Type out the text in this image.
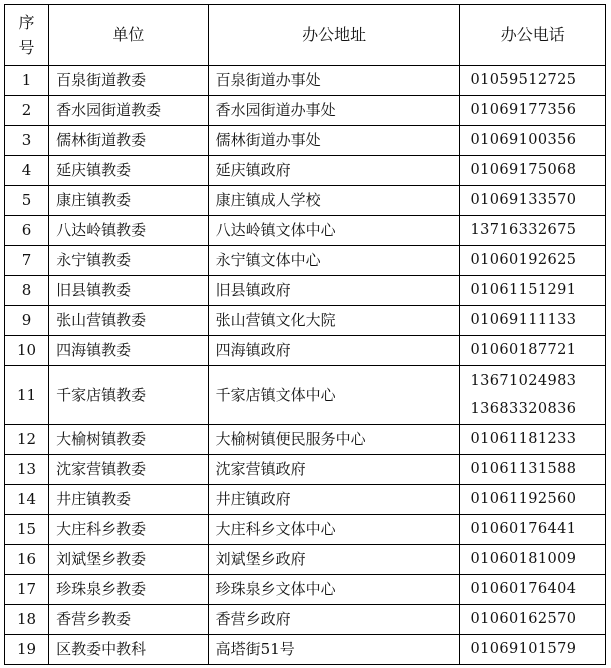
序号	单位	办公地址	办公电话
1	百泉街道教委	百泉街道办事处	01059512725
2	香水园街道教委	香水园街道办事处	01069177356
3	儒林街道教委	儒林街道办事处	01069100356
4	延庆镇教委	延庆镇政府	01069175068
5	康庄镇教委	康庄镇成人学校	01069133570
6	八达岭镇教委	八达岭镇文体中心	13716332675
7	永宁镇教委	永宁镇文体中心	01060192625
8	旧县镇教委	旧县镇政府	01061151291
9	张山营镇教委	张山营镇文化大院	01069111133
10	四海镇教委	四海镇政府	01060187721
11	千家店镇教委	千家店镇文体中心	13671024983
13683320836

12	大榆树镇教委	大榆树镇便民服务中心	01061181233
13	沈家营镇教委	沈家营镇政府	01061131588
14	井庄镇教委	井庄镇政府	01061192560
15	大庄科乡教委	大庄科乡文体中心	01060176441
16	刘斌堡乡教委	刘斌堡乡政府	01060181009
17	珍珠泉乡教委	珍珠泉乡文体中心	01060176404
18	香营乡教委	香营乡政府	01060162570
19	区教委中教科	高塔街51号	01069101579
